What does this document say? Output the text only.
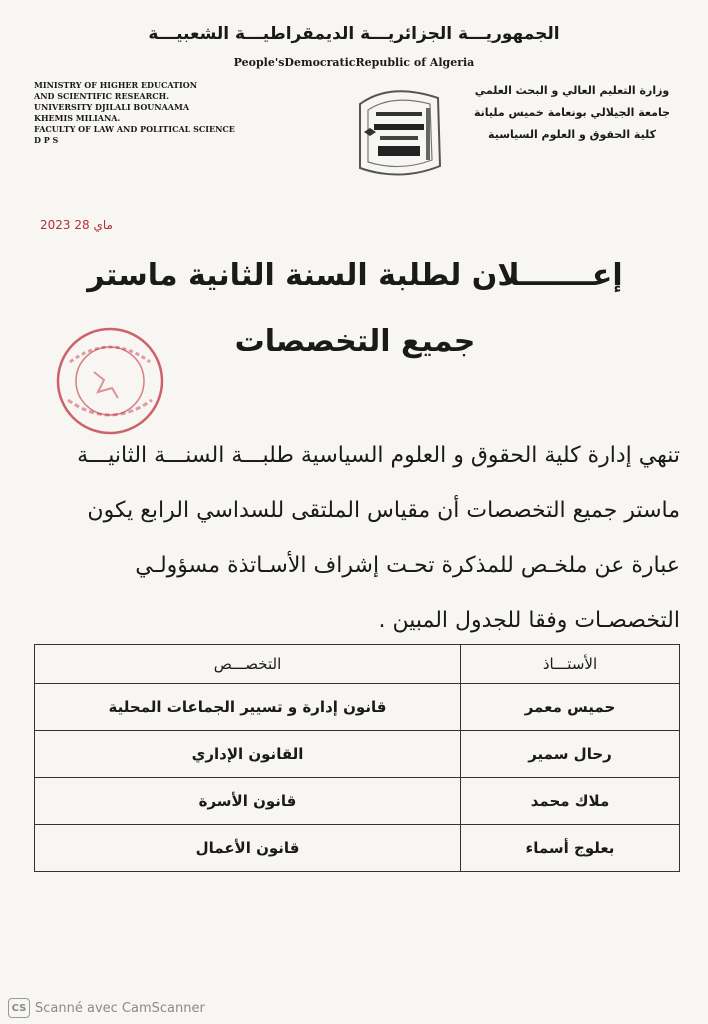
الجمهوريـــة الجزائريـــة الديمقراطيـــة الشعبيـــة
People'sDemocraticRepublic of Algeria
MINISTRY OF HIGHER EDUCATION
AND SCIENTIFIC RESEARCH.
UNIVERSITY DJILALI BOUNAAMA
KHEMIS MILIANA.
FACULTY OF LAW AND POLITICAL SCIENCE
D P S
وزارة التعليم العالي و البحث العلمي
جامعة الجيلالي بونعامة خميس مليانة
كلية الحقوق و العلوم السياسية
2023 ﻣﺎﻱ 28
إعـــــــلان لطلبة السنة الثانية ماستر
جميع التخصصات
تنهي إدارة كلية الحقوق و العلوم السياسية طلبـــة السنـــة الثانيـــة
ماستر جميع التخصصات أن مقياس الملتقى للسداسي الرابع يكون
عبارة عن ملخـص للمذكرة تحـت إشراف الأسـاتذة مسؤولـي
التخصصـات وفقا للجدول المبين .
الأستـــاذ	التخصـــص
حميس معمر	قانون إدارة و تسيير الجماعات المحلية
رحال سمير	القانون الإداري
ملاك محمد	قانون الأسرة
بعلوج أسماء	قانون الأعمال
CS Scanné avec CamScanner
